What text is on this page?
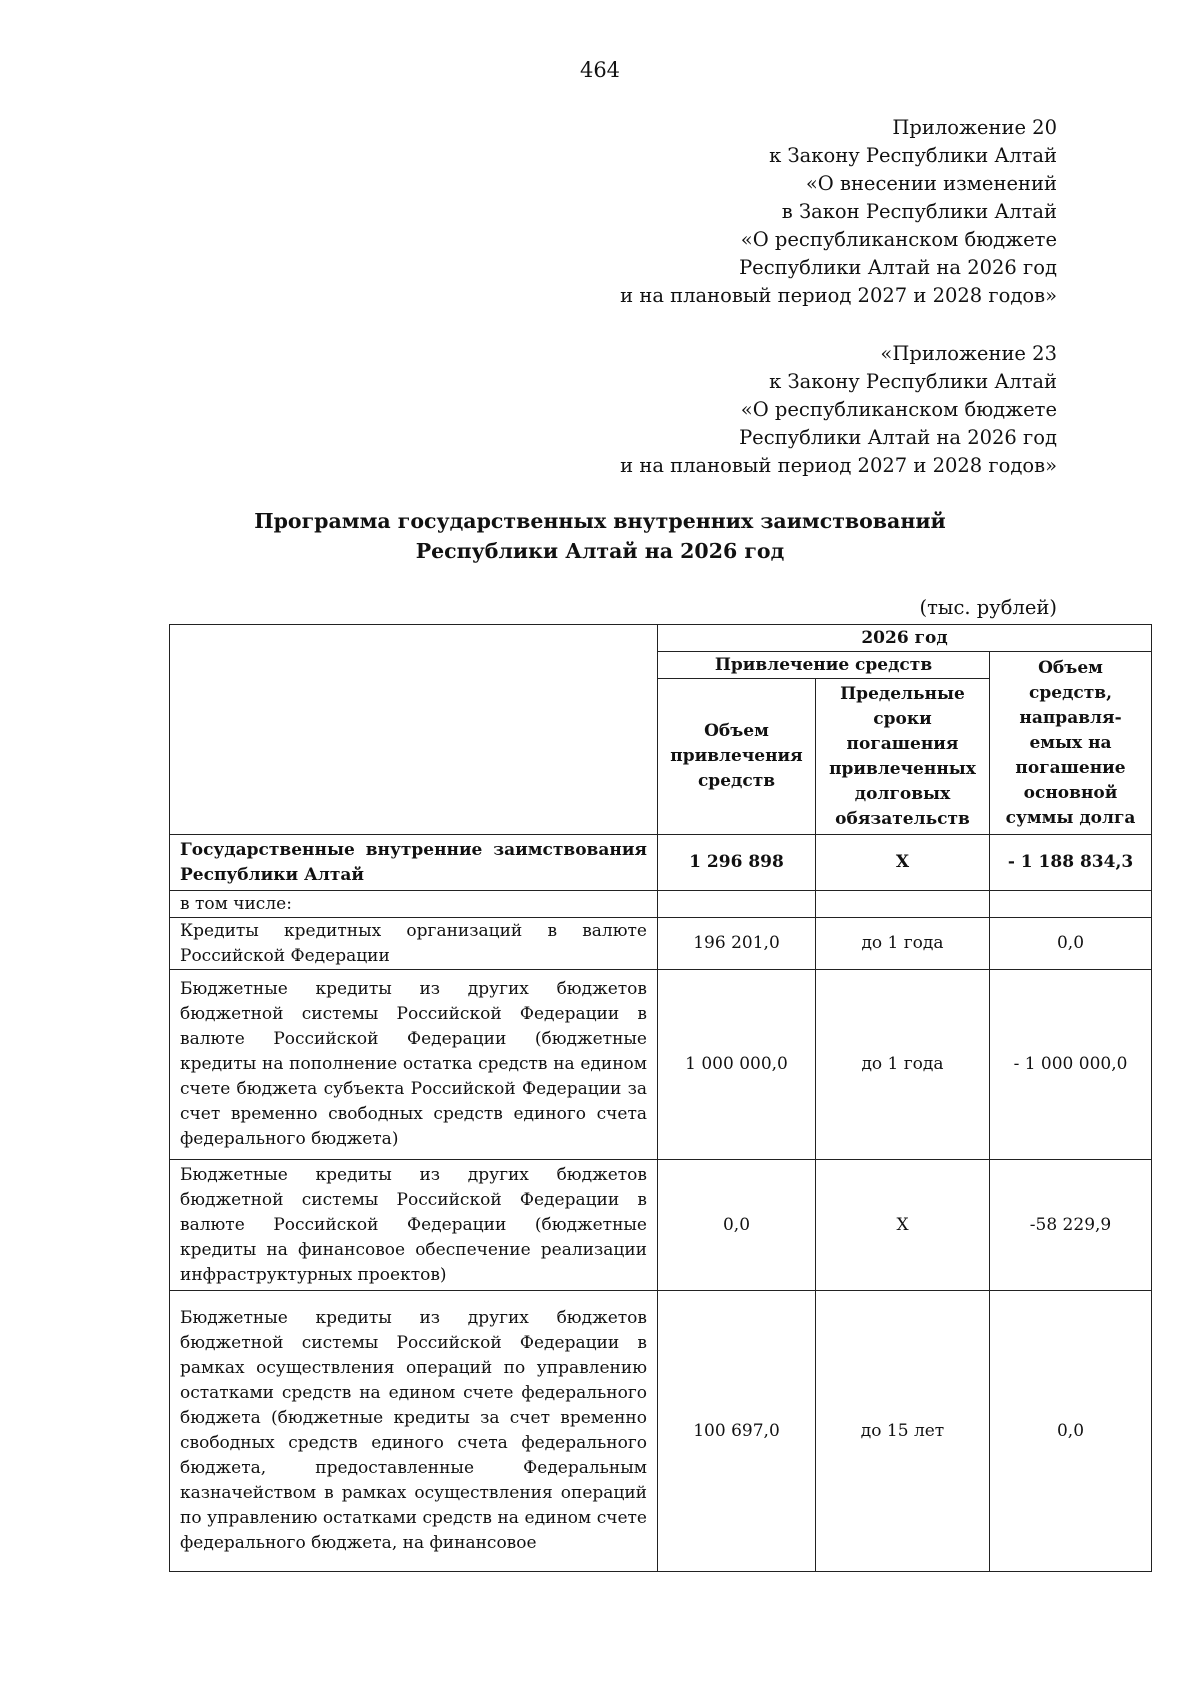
464
Приложение 20
к Закону Республики Алтай
«О внесении изменений
в Закон Республики Алтай
«О республиканском бюджете
Республики Алтай на 2026 год
и на плановый период 2027 и 2028 годов»
«Приложение 23
к Закону Республики Алтай
«О республиканском бюджете
Республики Алтай на 2026 год
и на плановый период 2027 и 2028 годов»
Программа государственных внутренних заимствований
Республики Алтай на 2026 год
(тыс. рублей)
	2026 год		
	Привлечение средств		Объем средств, направля-емых на погашение основной суммы долга
	Объем привлечения средств	Предельные сроки погашения привлеченных долговых обязательств	
Государственные внутренние заимствования Республики Алтай	1 296 898	Х	- 1 188 834,3
в том числе:			
Кредиты кредитных организаций в валюте Российской Федерации	196 201,0	до 1 года	0,0
Бюджетные кредиты из других бюджетов бюджетной системы Российской Федерации в валюте Российской Федерации (бюджетные кредиты на пополнение остатка средств на едином счете бюджета субъекта Российской Федерации за счет временно свободных средств единого счета федерального бюджета)	1 000 000,0	до 1 года	- 1 000 000,0
Бюджетные кредиты из других бюджетов бюджетной системы Российской Федерации в валюте Российской Федерации (бюджетные кредиты на финансовое обеспечение реализации инфраструктурных проектов)	0,0	Х	-58 229,9
Бюджетные кредиты из других бюджетов бюджетной системы Российской Федерации в рамках осуществления операций по управлению остатками средств на едином счете федерального бюджета (бюджетные кредиты за счет временно свободных средств единого счета федерального бюджета, предоставленные Федеральным казначейством в рамках осуществления операций по управлению остатками средств на едином счете федерального бюджета, на финансовое	100 697,0	до 15 лет	0,0
